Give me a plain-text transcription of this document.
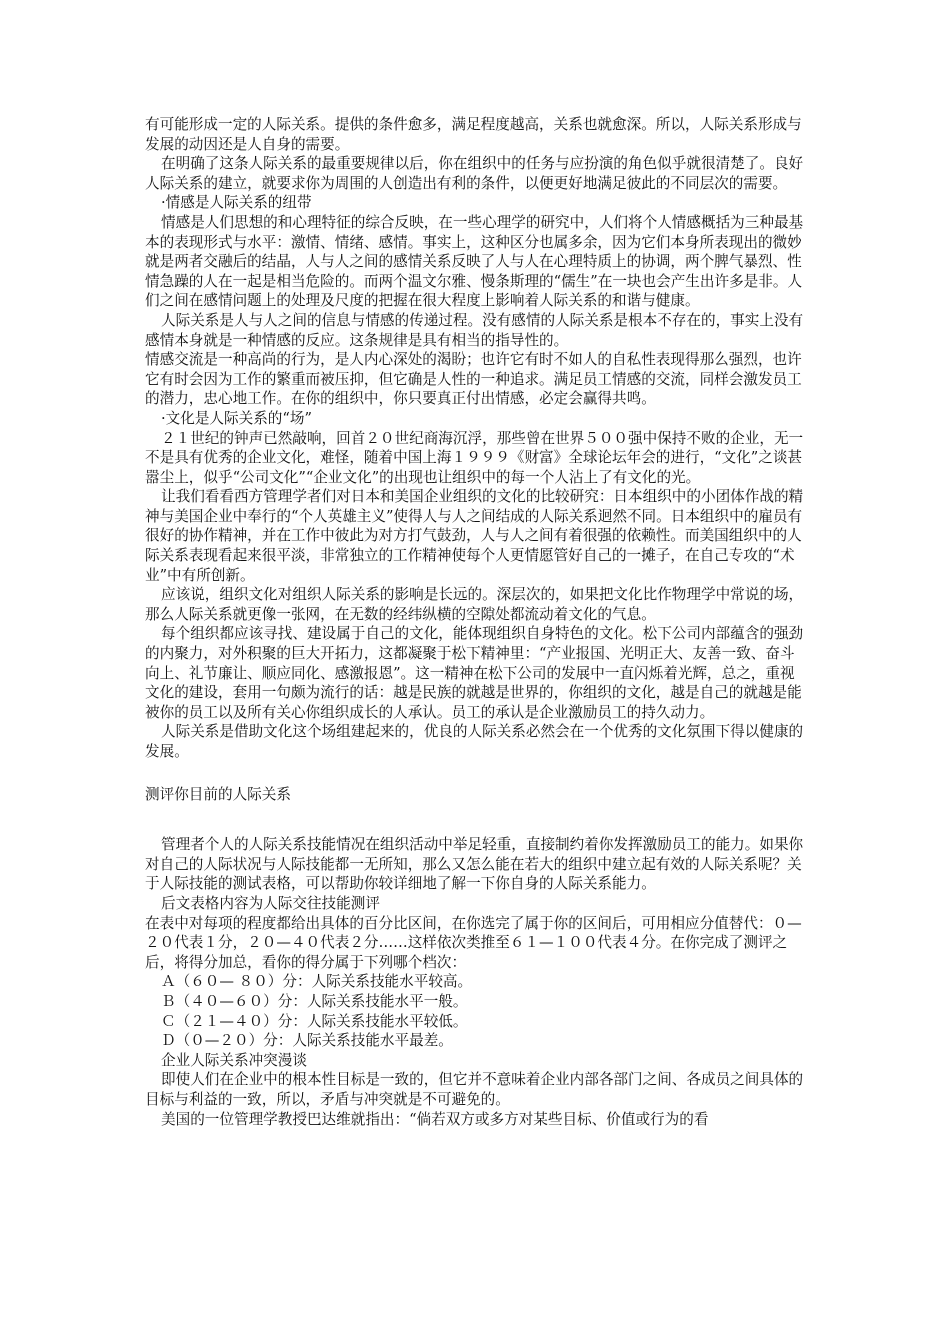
有可能形成一定的人际关系。提供的条件愈多，满足程度越高，关系也就愈深。所以，人际关系形成与发展的动因还是人自身的需要。

在明确了这条人际关系的最重要规律以后，你在组织中的任务与应扮演的角色似乎就很清楚了。良好人际关系的建立，就要求你为周围的人创造出有利的条件，以便更好地满足彼此的不同层次的需要。

·情感是人际关系的纽带

情感是人们思想的和心理特征的综合反映，在一些心理学的研究中，人们将个人情感概括为三种最基本的表现形式与水平：激情、情绪、感情。事实上，这种区分也属多余，因为它们本身所表现出的微妙就是两者交融后的结晶，人与人之间的感情关系反映了人与人在心理特质上的协调，两个脾气暴烈、性情急躁的人在一起是相当危险的。而两个温文尔雅、慢条斯理的“儒生”在一块也会产生出许多是非。人们之间在感情问题上的处理及尺度的把握在很大程度上影响着人际关系的和谐与健康。

人际关系是人与人之间的信息与情感的传递过程。没有感情的人际关系是根本不存在的，事实上没有感情本身就是一种情感的反应。这条规律是具有相当的指导性的。

情感交流是一种高尚的行为，是人内心深处的渴盼；也许它有时不如人的自私性表现得那么强烈，也许它有时会因为工作的繁重而被压抑，但它确是人性的一种追求。满足员工情感的交流，同样会激发员工的潜力，忠心地工作。在你的组织中，你只要真正付出情感，必定会赢得共鸣。

·文化是人际关系的“场”

２１世纪的钟声已然敲响，回首２０世纪商海沉浮，那些曾在世界５００强中保持不败的企业，无一不是具有优秀的企业文化，难怪，随着中国上海１９９９《财富》全球论坛年会的进行，“文化”之谈甚嚣尘上，似乎“公司文化”“企业文化”的出现也让组织中的每一个人沾上了有文化的光。

让我们看看西方管理学者们对日本和美国企业组织的文化的比较研究：日本组织中的小团体作战的精神与美国企业中奉行的“个人英雄主义”使得人与人之间结成的人际关系迥然不同。日本组织中的雇员有很好的协作精神，并在工作中彼此为对方打气鼓劲，人与人之间有着很强的依赖性。而美国组织中的人际关系表现看起来很平淡，非常独立的工作精神使每个人更情愿管好自己的一摊子，在自己专攻的“术业”中有所创新。

应该说，组织文化对组织人际关系的影响是长远的。深层次的，如果把文化比作物理学中常说的场，那么人际关系就更像一张网，在无数的经纬纵横的空隙处都流动着文化的气息。

每个组织都应该寻找、建设属于自己的文化，能体现组织自身特色的文化。松下公司内部蕴含的强劲的内聚力，对外积聚的巨大开拓力，这都凝聚于松下精神里：“产业报国、光明正大、友善一致、奋斗向上、礼节廉让、顺应同化、感激报恩”。这一精神在松下公司的发展中一直闪烁着光辉，总之，重视文化的建设，套用一句颇为流行的话：越是民族的就越是世界的，你组织的文化，越是自己的就越是能被你的员工以及所有关心你组织成长的人承认。员工的承认是企业激励员工的持久动力。

人际关系是借助文化这个场组建起来的，优良的人际关系必然会在一个优秀的文化氛围下得以健康的发展。

测评你目前的人际关系

管理者个人的人际关系技能情况在组织活动中举足轻重，直接制约着你发挥激励员工的能力。如果你对自己的人际状况与人际技能都一无所知，那么又怎么能在若大的组织中建立起有效的人际关系呢？关于人际技能的测试表格，可以帮助你较详细地了解一下你自身的人际关系能力。

后文表格内容为人际交往技能测评

在表中对每项的程度都给出具体的百分比区间，在你选完了属于你的区间后，可用相应分值替代：０—２０代表１分，２０—４０代表２分……这样依次类推至６１—１００代表４分。在你完成了测评之后，将得分加总，看你的得分属于下列哪个档次：

Ａ（６０— ８０）分：人际关系技能水平较高。

Ｂ（４０—６０）分：人际关系技能水平一般。

Ｃ（２１—４０）分：人际关系技能水平较低。

Ｄ（０—２０）分：人际关系技能水平最差。

企业人际关系冲突漫谈

即使人们在企业中的根本性目标是一致的，但它并不意味着企业内部各部门之间、各成员之间具体的目标与利益的一致，所以，矛盾与冲突就是不可避免的。

美国的一位管理学教授巴达维就指出：“倘若双方或多方对某些目标、价值或行为的看
